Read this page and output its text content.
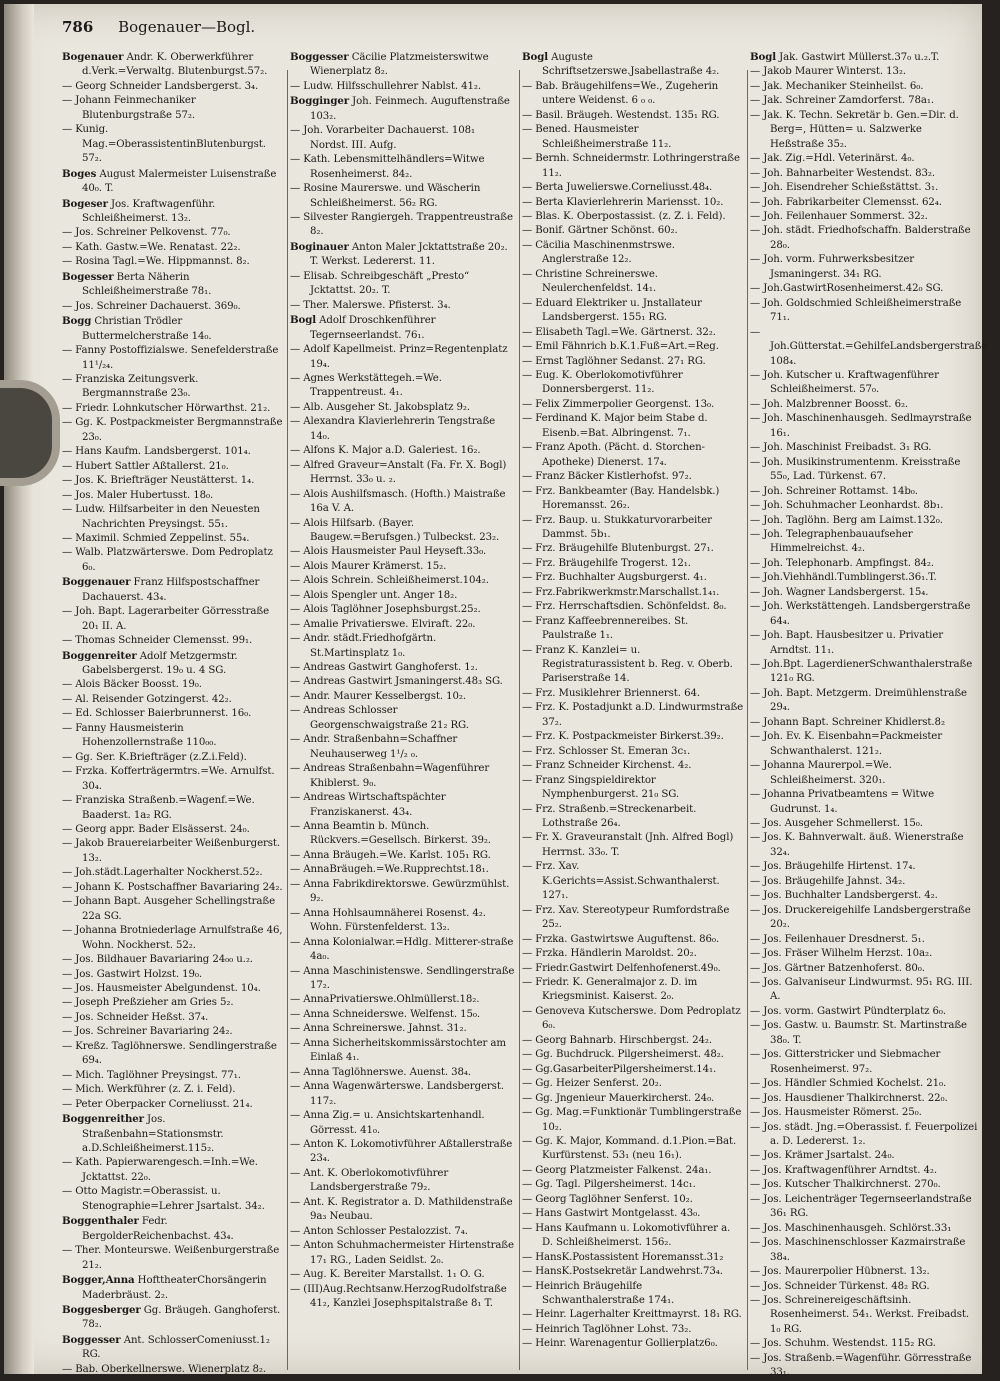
786 Bogenauer—Bogl.
Bogenauer Andr. K. Oberwerkführer d.Verk.=Verwaltg. Blutenburgst.57₂.
— Georg Schneider Landsbergerst. 3₄.
— Johann Feinmechaniker Blutenburgstraße 57₂.
— Kunig. Mag.=OberassistentinBlutenburgst. 57₂.
Boges August Malermeister Luisenstraße 40₀. T.
Bogeser Jos. Kraftwagenführ. Schleißheimerst. 13₂.
— Jos. Schreiner Pelkovenst. 77₀.
— Kath. Gastw.=We. Renatast. 22₂.
— Rosina Tagl.=We. Hippmannst. 8₂.
Bogesser Berta Näherin Schleißheimerstraße 78₁.
— Jos. Schreiner Dachauerst. 369₀.
Bogg Christian Trödler Buttermelcherstraße 14₀.
— Fanny Postoffizialswe. Senefelderstraße 11¹/₂₄.
— Franziska Zeitungsverk. Bergmannstraße 23₀.
— Friedr. Lohnkutscher Hörwarthst. 21₂.
— Gg. K. Postpackmeister Bergmannstraße 23₀.
— Hans Kaufm. Landsbergerst. 101₄.
— Hubert Sattler Aßtallerst. 21₀.
— Jos. K. Briefträger Neustätterst. 1₄.
— Jos. Maler Hubertusst. 18₀.
— Ludw. Hilfsarbeiter in den Neuesten Nachrichten Preysingst. 55₁.
— Maximil. Schmied Zeppelinst. 55₄.
— Walb. Platzwärterswe. Dom Pedroplatz 6₀.
Boggenauer Franz Hilfspostschaffner Dachauerst. 43₄.
— Joh. Bapt. Lagerarbeiter Görresstraße 20₁ II. A.
— Thomas Schneider Clemensst. 99₁.
Boggenreiter Adolf Metzgermstr. Gabelsbergerst. 19₀ u. 4 SG.
— Alois Bäcker Boosst. 19₀.
— Al. Reisender Gotzingerst. 42₂.
— Ed. Schlosser Baierbrunnerst. 16₀.
— Fanny Hausmeisterin Hohenzollernstraße 110₀₀.
— Gg. Ser. K.Briefträger (z.Z.i.Feld).
— Frzka. Kofferträgermtrs.=We. Arnulfst. 30₄.
— Franziska Straßenb.=Wagenf.=We. Baaderst. 1a₂ RG.
— Georg appr. Bader Elsässerst. 24₀.
— Jakob Brauereiarbeiter Weißenburgerst. 13₂.
— Joh.städt.Lagerhalter Nockherst.52₂.
— Johann K. Postschaffner Bavariaring 24₂.
— Johann Bapt. Ausgeher Schellingstraße 22a SG.
— Johanna Brotniederlage Arnulfstraße 46, Wohn. Nockherst. 52₂.
— Jos. Bildhauer Bavariaring 24₀₀ u.₂.
— Jos. Gastwirt Holzst. 19₀.
— Jos. Hausmeister Abelgundenst. 10₄.
— Joseph Preßzieher am Gries 5₂.
— Jos. Schneider Heßst. 37₄.
— Jos. Schreiner Bavariaring 24₂.
— Kreßz. Taglöhnerswe. Sendlingerstraße 69₄.
— Mich. Taglöhner Preysingst. 77₁.
— Mich. Werkführer (z. Z. i. Feld).
— Peter Oberpacker Corneliusst. 21₄.
Boggenreither Jos. Straßenbahn=Stationsmstr. a.D.Schleißheimerst.115₂.
— Kath. Papierwarengesch.=Inh.=We. Jcktattst. 22₀.
— Otto Magistr.=Oberassist. u. Stenographie=Lehrer Jsartalst. 34₂.
Boggenthaler Fedr. BergolderReichenbachst. 43₄.
— Ther. Monteurswe. Weißenburgerstraße 21₂.
Bogger,Anna HofttheaterChorsängerin Maderbräust. 2₂.
Boggesberger Gg. Bräugeh. Ganghoferst. 78₂.
Boggesser Ant. SchlosserComeniusst.1₂ RG.
— Bab. Oberkellnerswe. Wienerplatz 8₂.
Boggesser Cäcilie Platzmeisterswitwe Wienerplatz 8₂.
— Ludw. Hilfsschullehrer Nablst. 41₂.
Bogginger Joh. Feinmech. Auguftenstraße 103₂.
— Joh. Vorarbeiter Dachauerst. 108₁ Nordst. III. Aufg.
— Kath. Lebensmittelhändlers=Witwe Rosenheimerst. 84₂.
— Rosine Maurerswe. und Wäscherin Schleißheimerst. 56₂ RG.
— Silvester Rangiergeh. Trappentreustraße 8₂.
Boginauer Anton Maler Jcktattstraße 20₂. T. Werkst. Ledererst. 11.
— Elisab. Schreibgeschäft „Presto“ Jcktattst. 20₂. T.
— Ther. Malerswe. Pfisterst. 3₄.
Bogl Adolf Droschkenführer Tegernseerlandst. 76₁.
— Adolf Kapellmeist. Prinz=Regentenplatz 19₄.
— Agnes Werkstättegeh.=We. Trappentreust. 4₁.
— Alb. Ausgeher St. Jakobsplatz 9₂.
— Alexandra Klavierlehrerin Tengstraße 14₀.
— Alfons K. Major a.D. Galeriest. 16₂.
— Alfred Graveur=Anstalt (Fa. Fr. X. Bogl) Herrnst. 33₀ u. ₂.
— Alois Aushilfsmasch. (Hofth.) Maistraße 16a V. A.
— Alois Hilfsarb. (Bayer. Baugew.=Berufsgen.) Tulbeckst. 23₂.
— Alois Hausmeister Paul Heyseft.33₀.
— Alois Maurer Krämerst. 15₂.
— Alois Schrein. Schleißheimerst.104₂.
— Alois Spengler unt. Anger 18₂.
— Alois Taglöhner Josephsburgst.25₂.
— Amalie Privatierswe. Elviraft. 22₀.
— Andr. städt.Friedhofgärtn. St.Martinsplatz 1₀.
— Andreas Gastwirt Ganghoferst. 1₂.
— Andreas Gastwirt Jsmaningerst.48₃ SG.
— Andr. Maurer Kesselbergst. 10₂.
— Andreas Schlosser Georgenschwaigstraße 21₂ RG.
— Andr. Straßenbahn=Schaffner Neuhauserweg 1¹/₂ ₀.
— Andreas Straßenbahn=Wagenführer Khiblerst. 9₀.
— Andreas Wirtschaftspächter Franziskanerst. 43₄.
— Anna Beamtin b. Münch. Rückvers.=Gesellsch. Birkerst. 39₂.
— Anna Bräugeh.=We. Karlst. 105₁ RG.
— AnnaBräugeh.=We.Rupprechtst.18₁.
— Anna Fabrikdirektorswe. Gewürzmühlst. 9₂.
— Anna Hohlsaumnäherei Rosenst. 4₂. Wohn. Fürstenfelderst. 13₂.
— Anna Kolonialwar.=Hdlg. Mitterer-straße 4a₀.
— Anna Maschinistenswe. Sendlingerstraße 17₂.
— AnnaPrivatierswe.Ohlmüllerst.18₂.
— Anna Schneiderswe. Welfenst. 15₀.
— Anna Schreinerswe. Jahnst. 31₂.
— Anna Sicherheitskommissärstochter am Einlaß 4₁.
— Anna Taglöhnerswe. Auenst. 38₄.
— Anna Wagenwärterswe. Landsbergerst. 117₂.
— Anna Zig.= u. Ansichtskartenhandl. Görresst. 41₀.
— Anton K. Lokomotivführer Aßtallerstraße 23₄.
— Ant. K. Oberlokomotivführer Landsbergerstraße 79₂.
— Ant. K. Registrator a. D. Mathildenstraße 9a₃ Neubau.
— Anton Schlosser Pestalozzist. 7₄.
— Anton Schuhmachermeister Hirtenstraße 17₁ RG., Laden Seidlst. 2₀.
— Aug. K. Bereiter Marstallst. 1₁ O. G.
— (III)Aug.Rechtsanw.HerzogRudolfstraße 41₂, Kanzlei Josephspitalstraße 8₁ T.
Bogl Auguste Schriftsetzerswe.Jsabellastraße 4₂.
— Bab. Bräugehilfens=We., Zugeherin untere Weidenst. 6 ₀ ₀.
— Basil. Bräugeh. Westendst. 135₁ RG.
— Bened. Hausmeister Schleißheimerstraße 11₂.
— Bernh. Schneidermstr. Lothringerstraße 11₂.
— Berta Juwelierswe.Corneliusst.48₄.
— Berta Klavierlehrerin Mariensst. 10₂.
— Blas. K. Oberpostassist. (z. Z. i. Feld).
— Bonif. Gärtner Schönst. 60₂.
— Cäcilia Maschinenmstrswe. Anglerstraße 12₂.
— Christine Schreinerswe. Neulerchenfeldst. 14₁.
— Eduard Elektriker u. Jnstallateur Landsbergerst. 155₁ RG.
— Elisabeth Tagl.=We. Gärtnerst. 32₂.
— Emil Fähnrich b.K.1.Fuß=Art.=Reg.
— Ernst Taglöhner Sedanst. 27₁ RG.
— Eug. K. Oberlokomotivführer Donnersbergerst. 11₂.
— Felix Zimmerpolier Georgenst. 13₀.
— Ferdinand K. Major beim Stabe d. Eisenb.=Bat. Albringenst. 7₁.
— Franz Apoth. (Pächt. d. Storchen-Apotheke) Dienerst. 17₄.
— Franz Bäcker Kistlerhofst. 97₂.
— Frz. Bankbeamter (Bay. Handelsbk.) Horemansst. 26₂.
— Frz. Baup. u. Stukkaturvorarbeiter Dammst. 5b₁.
— Frz. Bräugehilfe Blutenburgst. 27₁.
— Frz. Bräugehilfe Trogerst. 12₁.
— Frz. Buchhalter Augsburgerst. 4₁.
— Frz.Fabrikwerkmstr.Marschallst.1₄₁.
— Frz. Herrschaftsdien. Schönfeldst. 8₀.
— Franz Kaffeebrennereibes. St. Paulstraße 1₁.
— Franz K. Kanzlei= u. Registraturassistent b. Reg. v. Oberb. Pariserstraße 14.
— Frz. Musiklehrer Briennerst. 64.
— Frz. K. Postadjunkt a.D. Lindwurmstraße 37₂.
— Frz. K. Postpackmeister Birkerst.39₂.
— Frz. Schlosser St. Emeran 3c₁.
— Franz Schneider Kirchenst. 4₂.
— Franz Singspieldirektor Nymphenburgerst. 21₀ SG.
— Frz. Straßenb.=Streckenarbeit. Lothstraße 26₄.
— Fr. X. Graveuranstalt (Jnh. Alfred Bogl) Herrnst. 33₀. T.
— Frz. Xav. K.Gerichts=Assist.Schwanthalerst. 127₁.
— Frz. Xav. Stereotypeur Rumfordstraße 25₂.
— Frzka. Gastwirtswe Auguftenst. 86₀.
— Frzka. Händlerin Maroldst. 20₂.
— Friedr.Gastwirt Delfenhofenerst.49₀.
— Friedr. K. Generalmajor z. D. im Kriegsminist. Kaiserst. 2₀.
— Genoveva Kutscherswe. Dom Pedroplatz 6₀.
— Georg Bahnarb. Hirschbergst. 24₂.
— Gg. Buchdruck. Pilgersheimerst. 48₂.
— Gg.GasarbeiterPilgersheimerst.14₁.
— Gg. Heizer Senferst. 20₂.
— Gg. Jngenieur Mauerkircherst. 24₀.
— Gg. Mag.=Funktionär Tumblingerstraße 10₂.
— Gg. K. Major, Kommand. d.1.Pion.=Bat. Kurfürstenst. 53₁ (neu 16₁).
— Georg Platzmeister Falkenst. 24a₁.
— Gg. Tagl. Pilgersheimerst. 14c₁.
— Georg Taglöhner Senferst. 10₂.
— Hans Gastwirt Montgelasst. 43₀.
— Hans Kaufmann u. Lokomotivführer a. D. Schleißheimerst. 156₂.
— HansK.Postassistent Horemansst.31₂
— HansK.Postsekretär Landwehrst.73₄.
— Heinrich Bräugehilfe Schwanthalerstraße 174₁.
— Heinr. Lagerhalter Kreittmayrst. 18₁ RG.
— Heinrich Taglöhner Lohst. 73₂.
— Heinr. Warenagentur Gollierplatz6₀.
Bogl Jak. Gastwirt Müllerst.37₀ u.₂.T.
— Jakob Maurer Winterst. 13₂.
— Jak. Mechaniker Steinheilst. 6₀.
— Jak. Schreiner Zamdorferst. 78a₁.
— Jak. K. Techn. Sekretär b. Gen.=Dir. d. Berg=, Hütten= u. Salzwerke Heßstraße 35₂.
— Jak. Zig.=Hdl. Veterinärst. 4₀.
— Joh. Bahnarbeiter Westendst. 83₂.
— Joh. Eisendreher Schießstättst. 3₁.
— Joh. Fabrikarbeiter Clemensst. 62₄.
— Joh. Feilenhauer Sommerst. 32₂.
— Joh. städt. Friedhofschaffn. Balderstraße 28₀.
— Joh. vorm. Fuhrwerksbesitzer Jsmaningerst. 34₁ RG.
— Joh.GastwirtRosenheimerst.42₀ SG.
— Joh. Goldschmied Schleißheimerstraße 71₁.
— Joh.Gütterstat.=GehilfeLandsbergerstraße 108₄.
— Joh. Kutscher u. Kraftwagenführer Schleißheimerst. 57₀.
— Joh. Malzbrenner Boosst. 6₂.
— Joh. Maschinenhausgeh. Sedlmayrstraße 16₁.
— Joh. Maschinist Freibadst. 3₁ RG.
— Joh. Musikinstrumentenm. Kreisstraße 55₀, Lad. Türkenst. 67.
— Joh. Schreiner Rottamst. 14b₀.
— Joh. Schuhmacher Leonhardst. 8b₁.
— Joh. Taglöhn. Berg am Laimst.132₀.
— Joh. Telegraphenbauaufseher Himmelreichst. 4₂.
— Joh. Telephonarb. Ampfingst. 84₂.
— Joh.Viehhändl.Tumblingerst.36₁.T.
— Joh. Wagner Landsbergerst. 15₄.
— Joh. Werkstättengeh. Landsbergerstraße 64₄.
— Joh. Bapt. Hausbesitzer u. Privatier Arndtst. 11₁.
— Joh.Bpt. LagerdienerSchwanthalerstraße 121₀ RG.
— Joh. Bapt. Metzgerm. Dreimühlenstraße 29₄.
— Johann Bapt. Schreiner Khidlerst.8₂
— Joh. Ev. K. Eisenbahn=Packmeister Schwanthalerst. 121₂.
— Johanna Maurerpol.=We. Schleißheimerst. 320₁.
— Johanna Privatbeamtens = Witwe Gudrunst. 1₄.
— Jos. Ausgeher Schmellerst. 15₀.
— Jos. K. Bahnverwalt. äuß. Wienerstraße 32₄.
— Jos. Bräugehilfe Hirtenst. 17₄.
— Jos. Bräugehilfe Jahnst. 34₂.
— Jos. Buchhalter Landsbergerst. 4₂.
— Jos. Druckereigehilfe Landsbergerstraße 20₂.
— Jos. Feilenhauer Dresdnerst. 5₁.
— Jos. Fräser Wilhelm Herzst. 10a₂.
— Jos. Gärtner Batzenhoferst. 80₀.
— Jos. Galvaniseur Lindwurmst. 95₁ RG. III. A.
— Jos. vorm. Gastwirt Pündterplatz 6₀.
— Jos. Gastw. u. Baumstr. St. Martinstraße 38₀. T.
— Jos. Gitterstricker und Siebmacher Rosenheimerst. 97₂.
— Jos. Händler Schmied Kochelst. 21₀.
— Jos. Hausdiener Thalkirchnerst. 22₀.
— Jos. Hausmeister Römerst. 25₀.
— Jos. städt. Jng.=Oberassist. f. Feuerpolizei a. D. Ledererst. 1₂.
— Jos. Krämer Jsartalst. 24₀.
— Jos. Kraftwagenführer Arndtst. 4₂.
— Jos. Kutscher Thalkirchnerst. 270₀.
— Jos. Leichenträger Tegernseerlandstraße 36₁ RG.
— Jos. Maschinenhausgeh. Schlörst.33₁
— Jos. Maschinenschlosser Kazmairstraße 38₄.
— Jos. Maurerpolier Hübnerst. 13₂.
— Jos. Schneider Türkenst. 48₂ RG.
— Jos. Schreinereigeschäftsinh. Rosenheimerst. 54₁. Werkst. Freibadst. 1₀ RG.
— Jos. Schuhm. Westendst. 115₂ RG.
— Jos. Straßenb.=Wagenführ. Görresstraße 33₁.
